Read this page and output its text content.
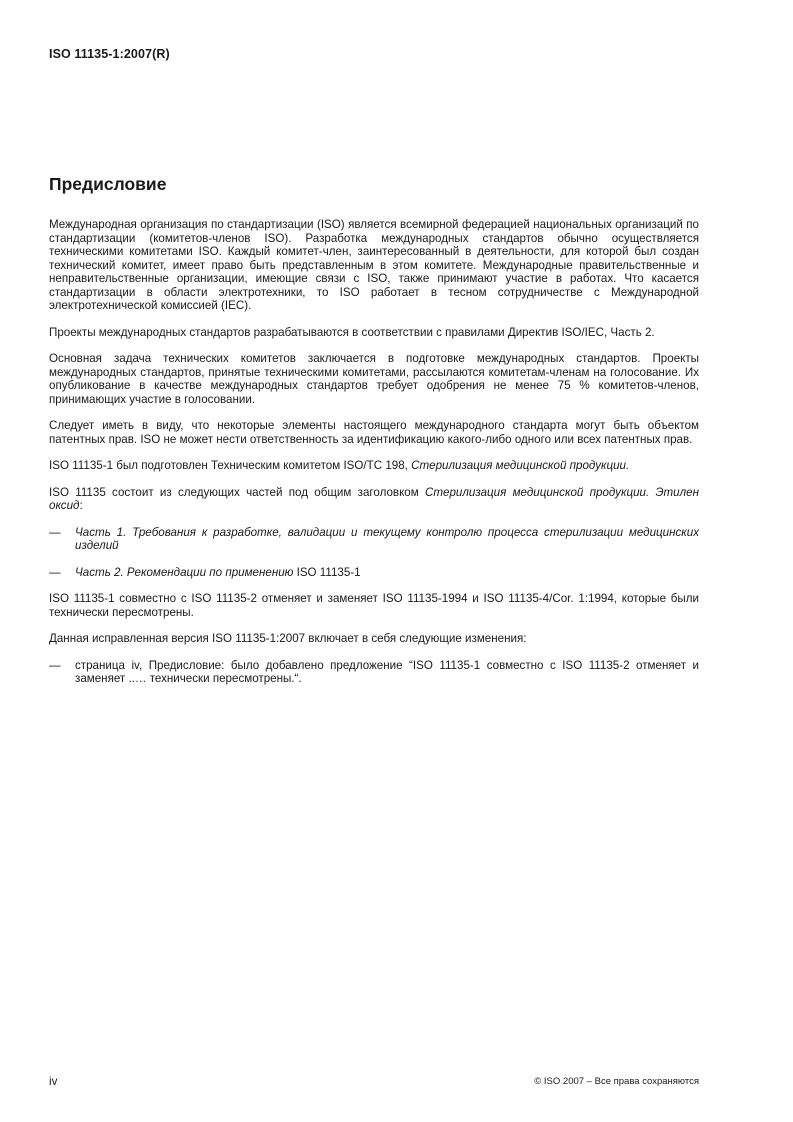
ISO 11135-1:2007(R)
Предисловие

Международная организация по стандартизации (ISO) является всемирной федерацией национальных организаций по стандартизации (комитетов-членов ISO). Разработка международных стандартов обычно осуществляется техническими комитетами ISO. Каждый комитет-член, заинтересованный в деятельности, для которой был создан технический комитет, имеет право быть представленным в этом комитете. Международные правительственные и неправительственные организации, имеющие связи с ISO, также принимают участие в работах. Что касается стандартизации в области электротехники, то ISO работает в тесном сотрудничестве с Международной электротехнической комиссией (IEC).

Проекты международных стандартов разрабатываются в соответствии с правилами Директив ISO/IEC, Часть 2.

Основная задача технических комитетов заключается в подготовке международных стандартов. Проекты международных стандартов, принятые техническими комитетами, рассылаются комитетам-членам на голосование. Их опубликование в качестве международных стандартов требует одобрения не менее 75 % комитетов-членов, принимающих участие в голосовании.

Следует иметь в виду, что некоторые элементы настоящего международного стандарта могут быть объектом патентных прав. ISO не может нести ответственность за идентификацию какого-либо одного или всех патентных прав.

ISO 11135-1 был подготовлен Техническим комитетом ISO/TC 198, Стерилизация медицинской продукции.

ISO 11135 состоит из следующих частей под общим заголовком Стерилизация медицинской продукции. Этилен оксид:

—	Часть 1. Требования к разработке, валидации и текущему контролю процесса стерилизации медицинских изделий
—	Часть 2. Рекомендации по применению ISO 11135-1

ISO 11135-1 совместно с ISO 11135-2 отменяет и заменяет ISO 11135-1994 и ISO 11135-4/Cor. 1:1994, которые были технически пересмотрены.

Данная исправленная версия ISO 11135-1:2007 включает в себя следующие изменения:

—	страница iv, Предисловие: было добавлено предложение “ISO 11135-1 совместно с ISO 11135-2 отменяет и заменяет ..… технически пересмотрены.“.
iv	© ISO 2007 – Все права сохраняются
